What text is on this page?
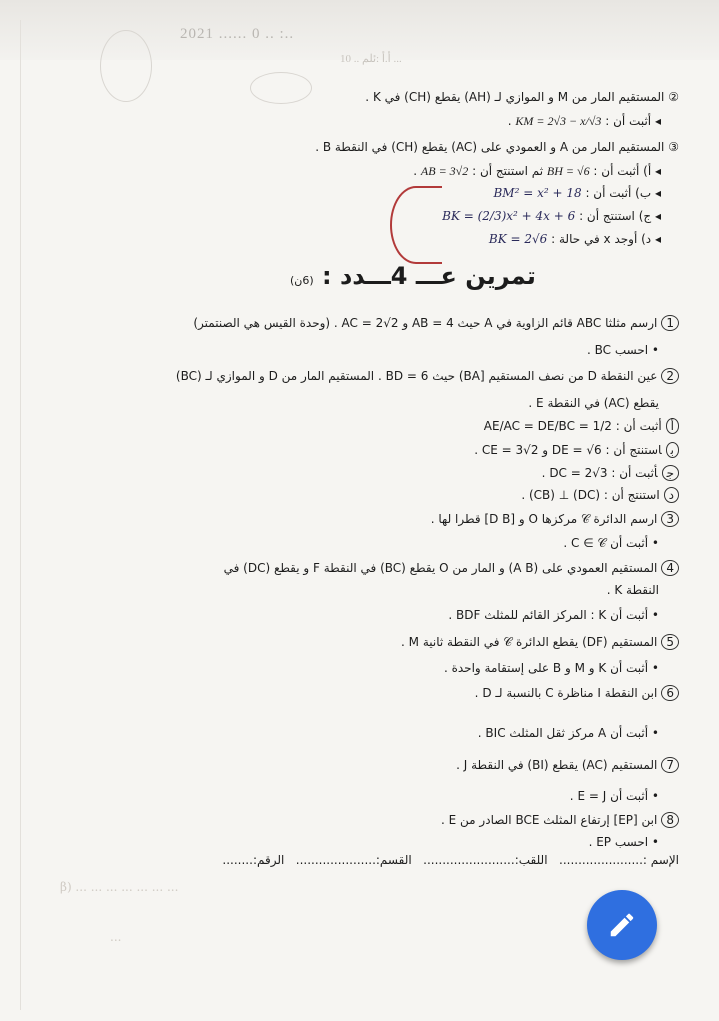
2021 ...... 0 .. :..
أ.أ :ئلم .. 10 ...
② المستقيم المار من M و الموازي لـ (AH) يقطع (CH) في K .
◂ أثبت أن : KM = 2√3 − x/√3 .
③ المستقيم المار من A و العمودي على (AC) يقطع (CH) في النقطة B .
◂ أ) أثبت أن : BH = √6 ثم استنتج أن : AB = 3√2 .
◂ ب) أثبت أن : BM² = x² + 18
◂ ج) استنتج أن : BK = (2/3)x² + 4x + 6
◂ د) أوجد x في حالة : BK = 2√6
تمرين عـــ 4ـــدد : (6ن)
1ارسم مثلثا ABC قائم الزاوية في A حيث AB = 4 و AC = 2√2 . (وحدة القيس هي الصنتمتر)
• احسب BC .
2عين النقطة D من نصف المستقيم [BA) حيث BD = 6 . المستقيم المار من D و الموازي لـ (BC)
يقطع (AC) في النقطة E .
أأثبت أن : AE/AC = DE/BC = 1/2
باستنتج أن : DE = √6 و CE = 3√2 .
جأثبت أن : DC = 2√3 .
داستنتج أن : (DC) ⊥ (CB) .
3ارسم الدائرة 𝒞 مركزها O و [D B] قطرا لها .
• أثبت أن C ∈ 𝒞 .
4المستقيم العمودي على (A B) و المار من O يقطع (BC) في النقطة F و يقطع (DC) في
النقطة K .
• أثبت أن K : المركز القائم للمثلث BDF .
5المستقيم (DF) يقطع الدائرة 𝒞 في النقطة ثانية M .
• أثبت أن K و M و B على إستقامة واحدة .
6ابن النقطة I مناظرة C بالنسبة لـ D .
• أثبت أن A مركز ثقل المثلث BIC .
7المستقيم (AC) يقطع (BI) في النقطة J .
• أثبت أن E = J .
8ابن [EP] إرتفاع المثلث BCE الصادر من E .
• احسب EP .
الإسم :......................   اللقب:........................   القسم:.....................   الرقم:........
β) ... ... ... ... ... ... ...
...
